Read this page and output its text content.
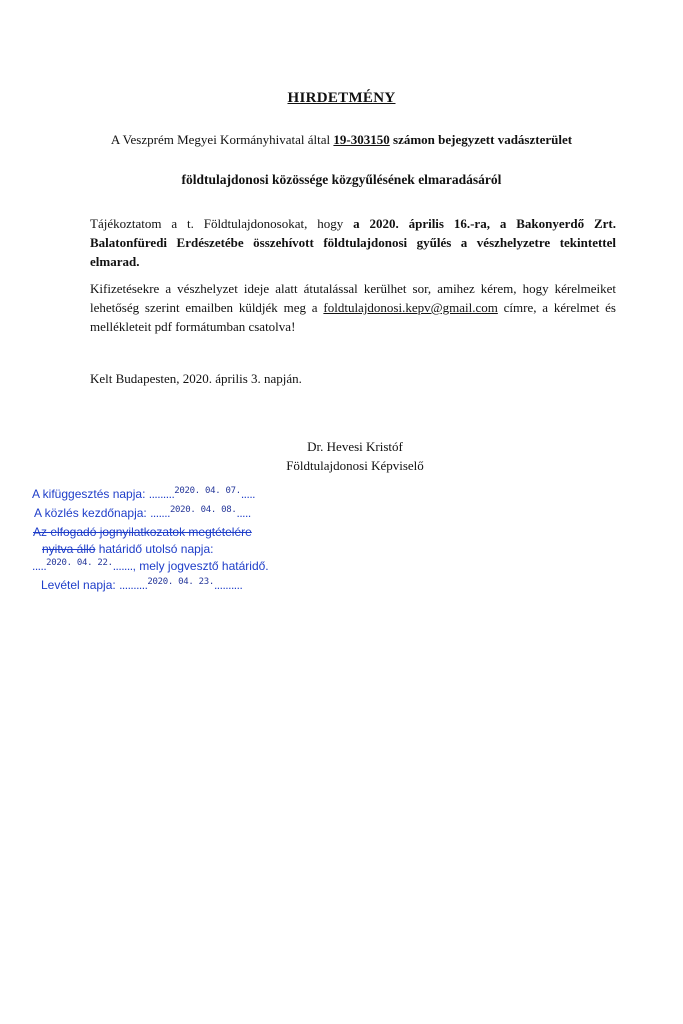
HIRDETMÉNY
A Veszprém Megyei Kormányhivatal által 19-303150 számon bejegyzett vadászterület
földtulajdonosi közössége közgyűlésének elmaradásáról
Tájékoztatom a t. Földtulajdonosokat, hogy a 2020. április 16.-ra, a Bakonyerdő Zrt. Balatonfüredi Erdészetébe összehívott földtulajdonosi gyűlés a vészhelyzetre tekintettel elmarad.
Kifizetésekre a vészhelyzet ideje alatt átutalással kerülhet sor, amihez kérem, hogy kérelmeiket lehetőség szerint emailben küldjék meg a foldtulajdonosi.kepv@gmail.com címre, a kérelmet és mellékleteit pdf formátumban csatolva!
Kelt Budapesten, 2020. április 3. napján.
Dr. Hevesi Kristóf
Földtulajdonosi Képviselő
A kifüggesztés napja: .........$^{2020. 04. 07.}$.....
A közlés kezdőnapja: .......$^{2020. 04. 08.}$.....
Az elfogadó jognyilatkozatok megtételére
nyitva álló határidő utolsó napja:
.....$^{2020. 04. 22.}$......., mely jogvesztő határidő.
Levétel napja: ..........$^{2020. 04. 23.}$..........
